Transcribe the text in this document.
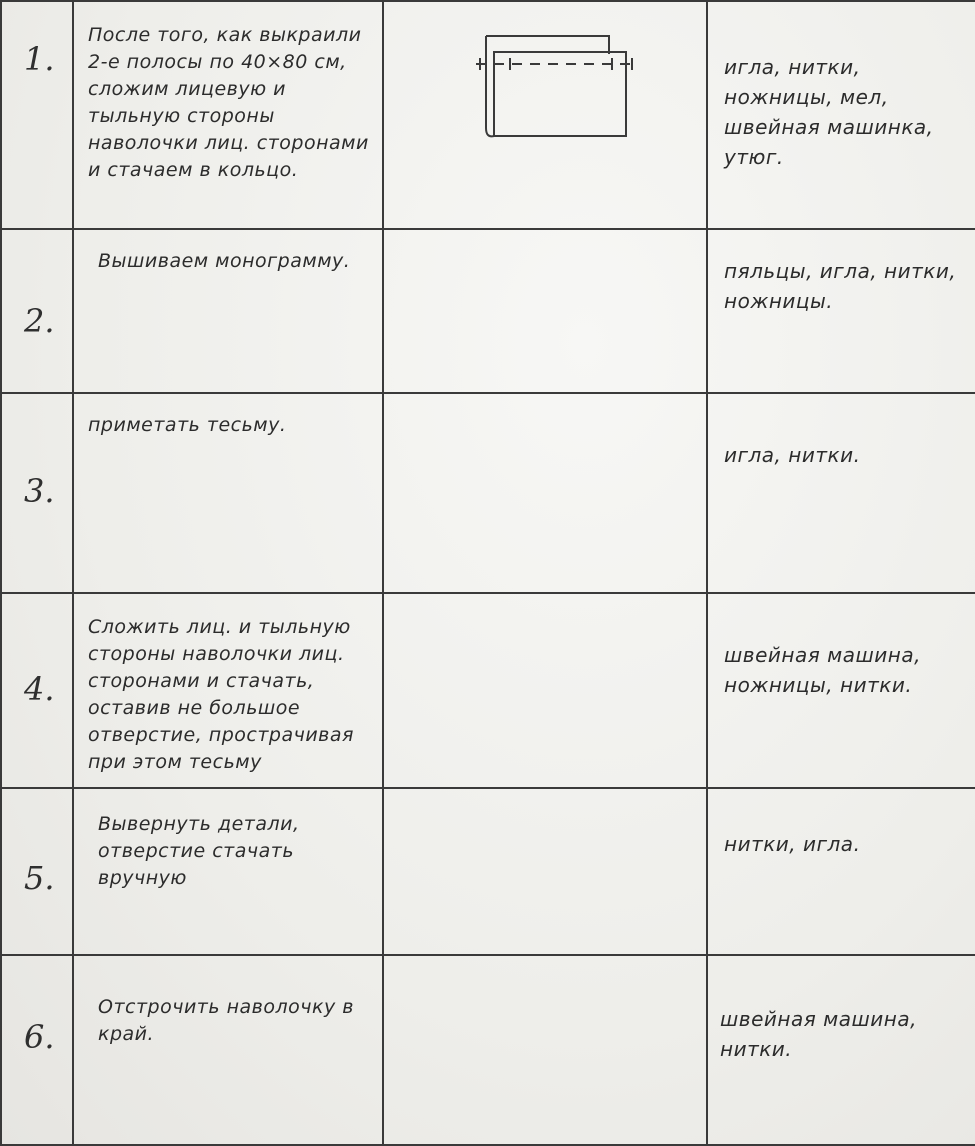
1.	После того, как выкраили 2-е полосы по 40×80 см, сложим лицевую и тыльную стороны наволочки лиц. сторонами и стачаем в кольцо.		игла, нитки, ножницы, мел, швейная машинка, утюг.

2.	Вышиваем монограмму.		пяльцы, игла, нитки, ножницы.

3.	приметать тесьму.		игла, нитки.

4.	Сложить лиц. и тыльную стороны наволочки лиц. сторонами и стачать, оставив не большое отверстие, прострачивая при этом тесьму		швейная машина, ножницы, нитки.

5.	Вывернуть детали, отверстие стачать вручную		нитки, игла.

6.	Отстрочить наволочку в край.		швейная машина, нитки.
